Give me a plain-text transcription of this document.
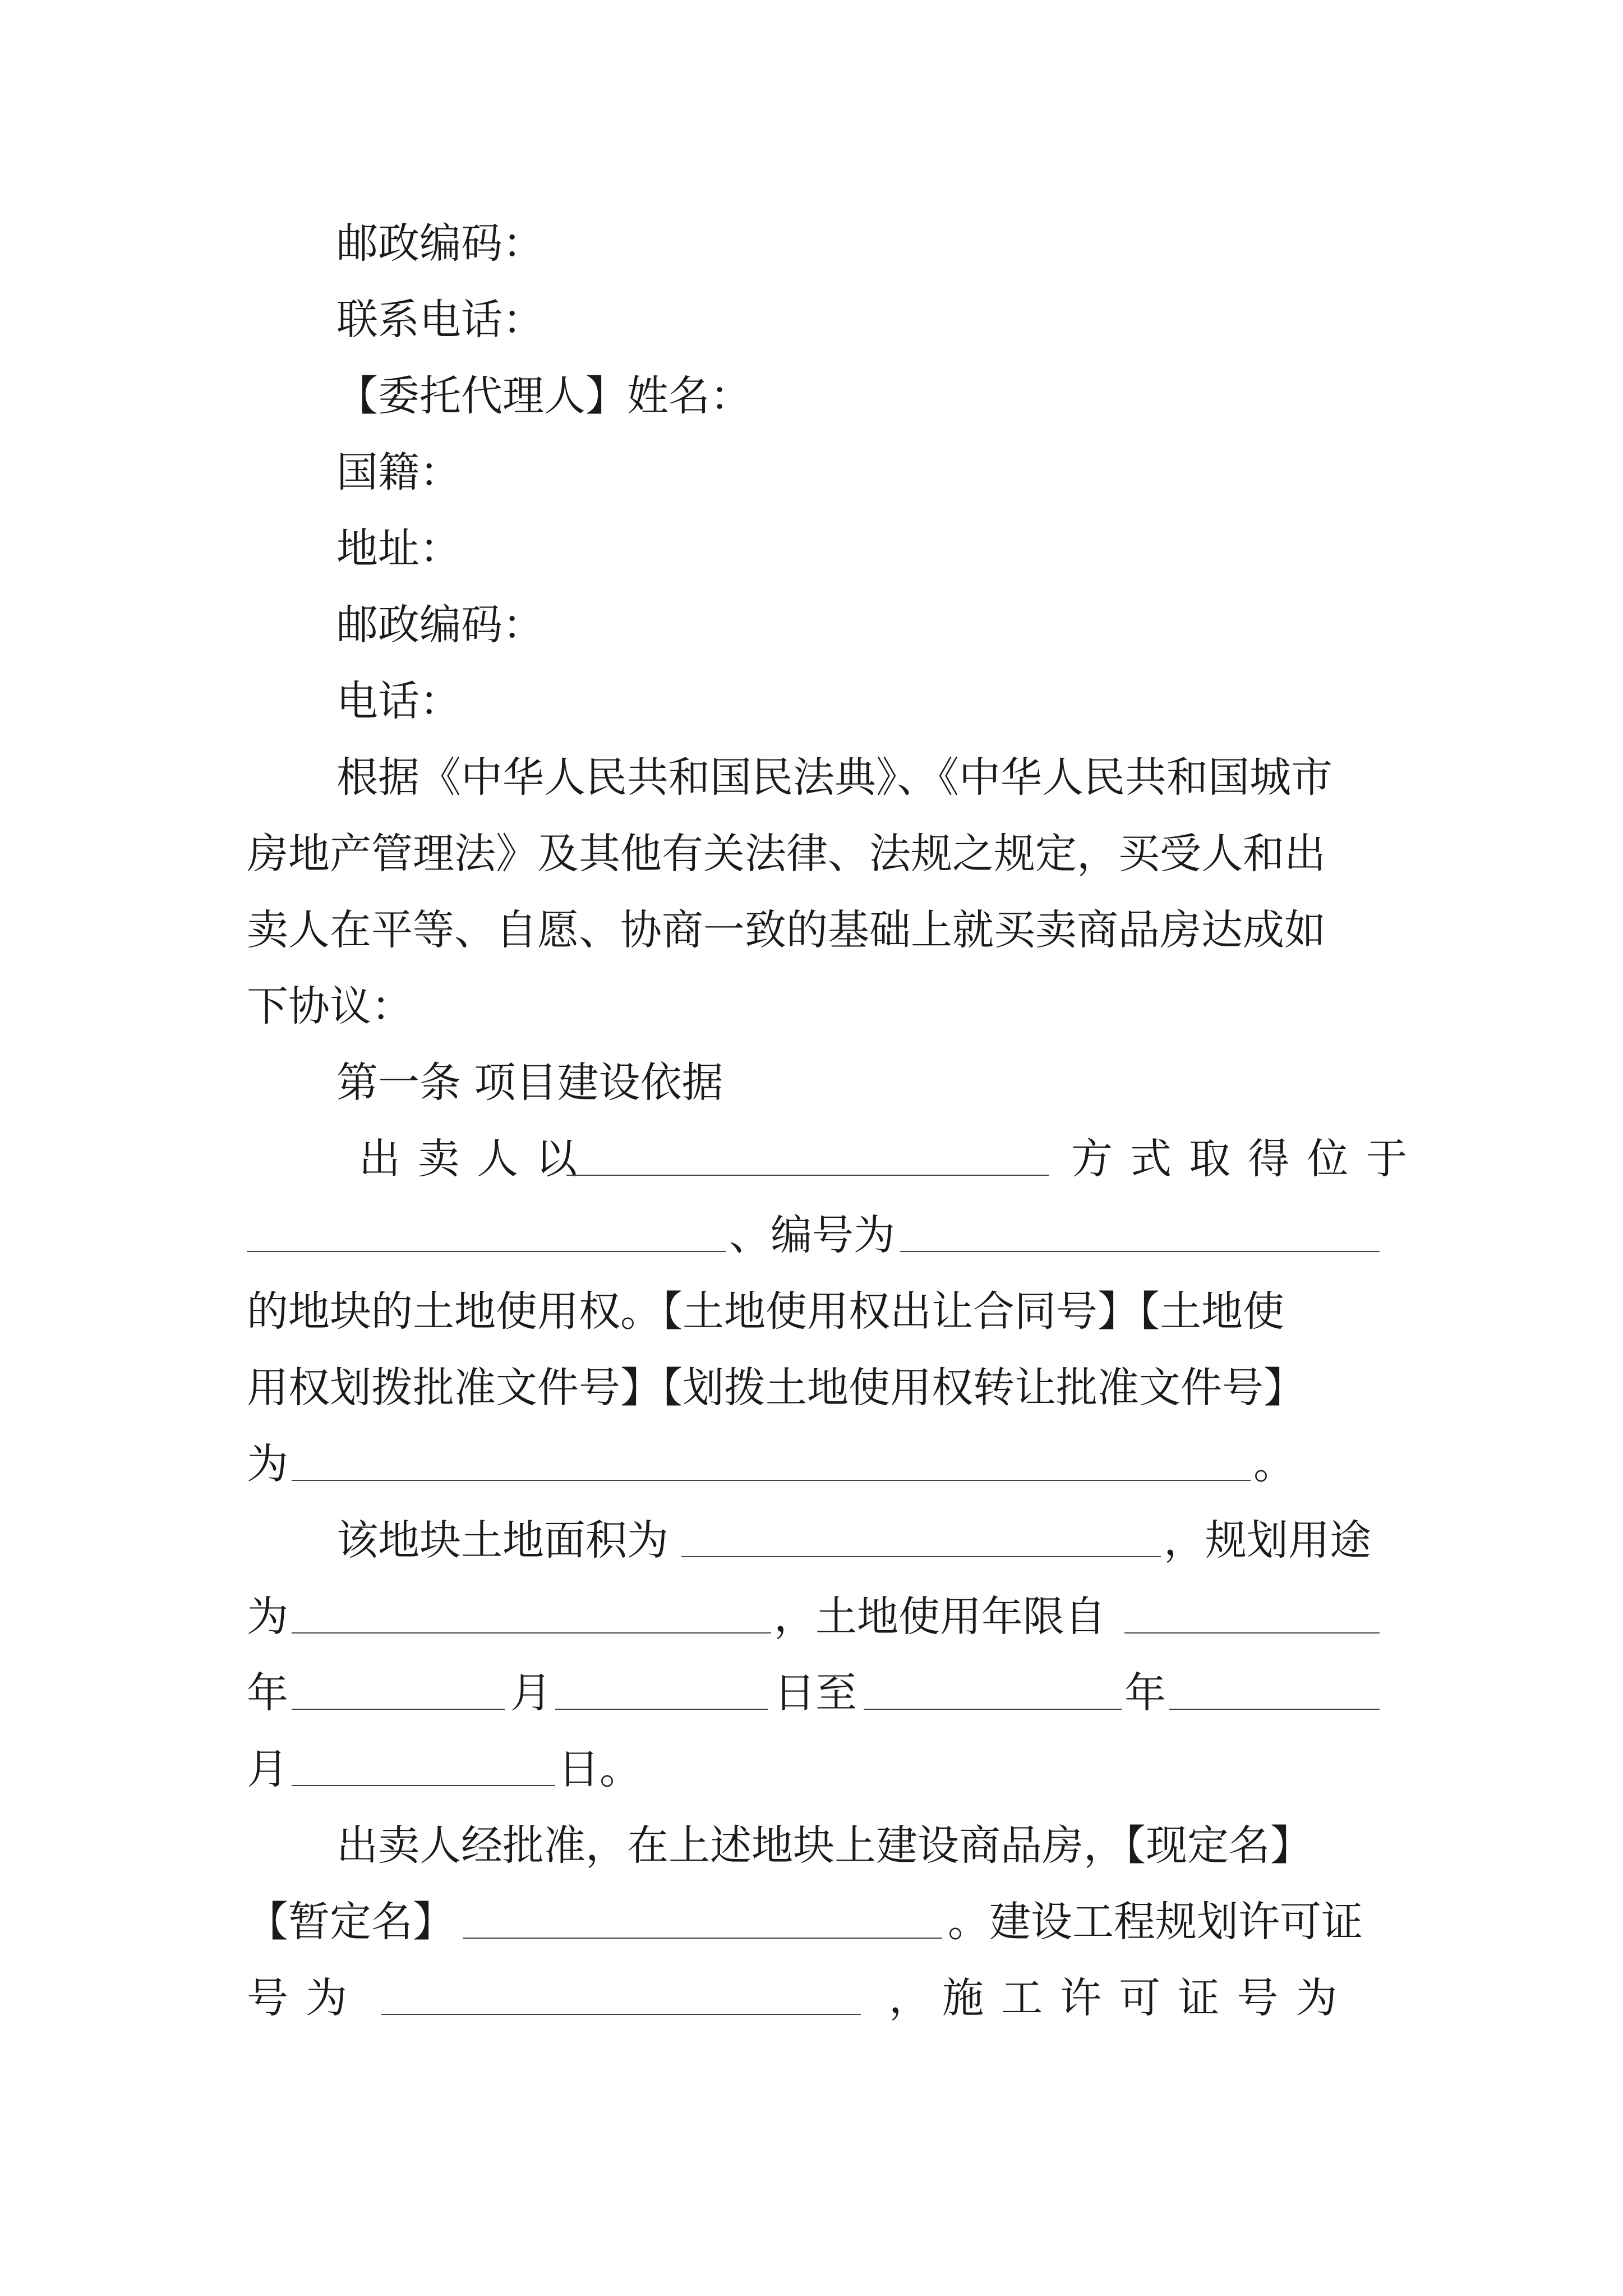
邮政编码：
联系电话：
【委托代理人】姓名：
国籍：
地址：
邮政编码：
电话：
根据《中华人民共和国民法典》、《中华人民共和国城市
房地产管理法》及其他有关法律、法规之规定，买受人和出
卖人在平等、自愿、协商一致的基础上就买卖商品房达成如
下协议：
第一条 项目建设依据
出卖人以	方式取得位于
、编号为
的地块的土地使用权。【土地使用权出让合同号】【土地使
用权划拨批准文件号】【划拨土地使用权转让批准文件号】
为	。
该地块土地面积为	，规划用途
为	，土地使用年限自
年	月	日至	年
月	日。
出卖人经批准，在上述地块上建设商品房，【现定名】
【暂定名】	。建设工程规划许可证
号为	， 施工许可证号为
